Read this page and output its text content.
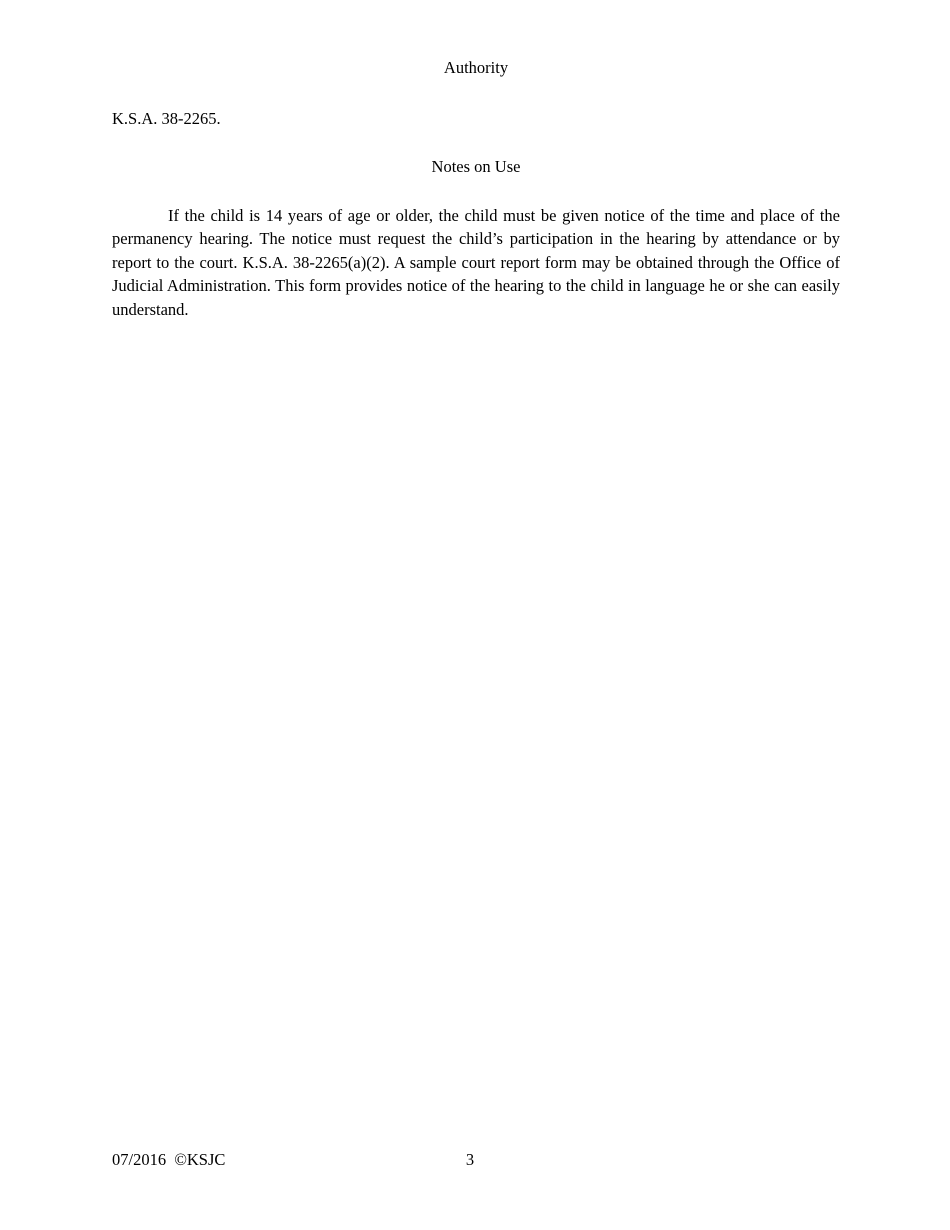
Authority
K.S.A. 38-2265.
Notes on Use
If the child is 14 years of age or older, the child must be given notice of the time and place of the permanency hearing. The notice must request the child’s participation in the hearing by attendance or by report to the court. K.S.A. 38-2265(a)(2). A sample court report form may be obtained through the Office of Judicial Administration. This form provides notice of the hearing to the child in language he or she can easily understand.
07/2016  ©KSJC	3
